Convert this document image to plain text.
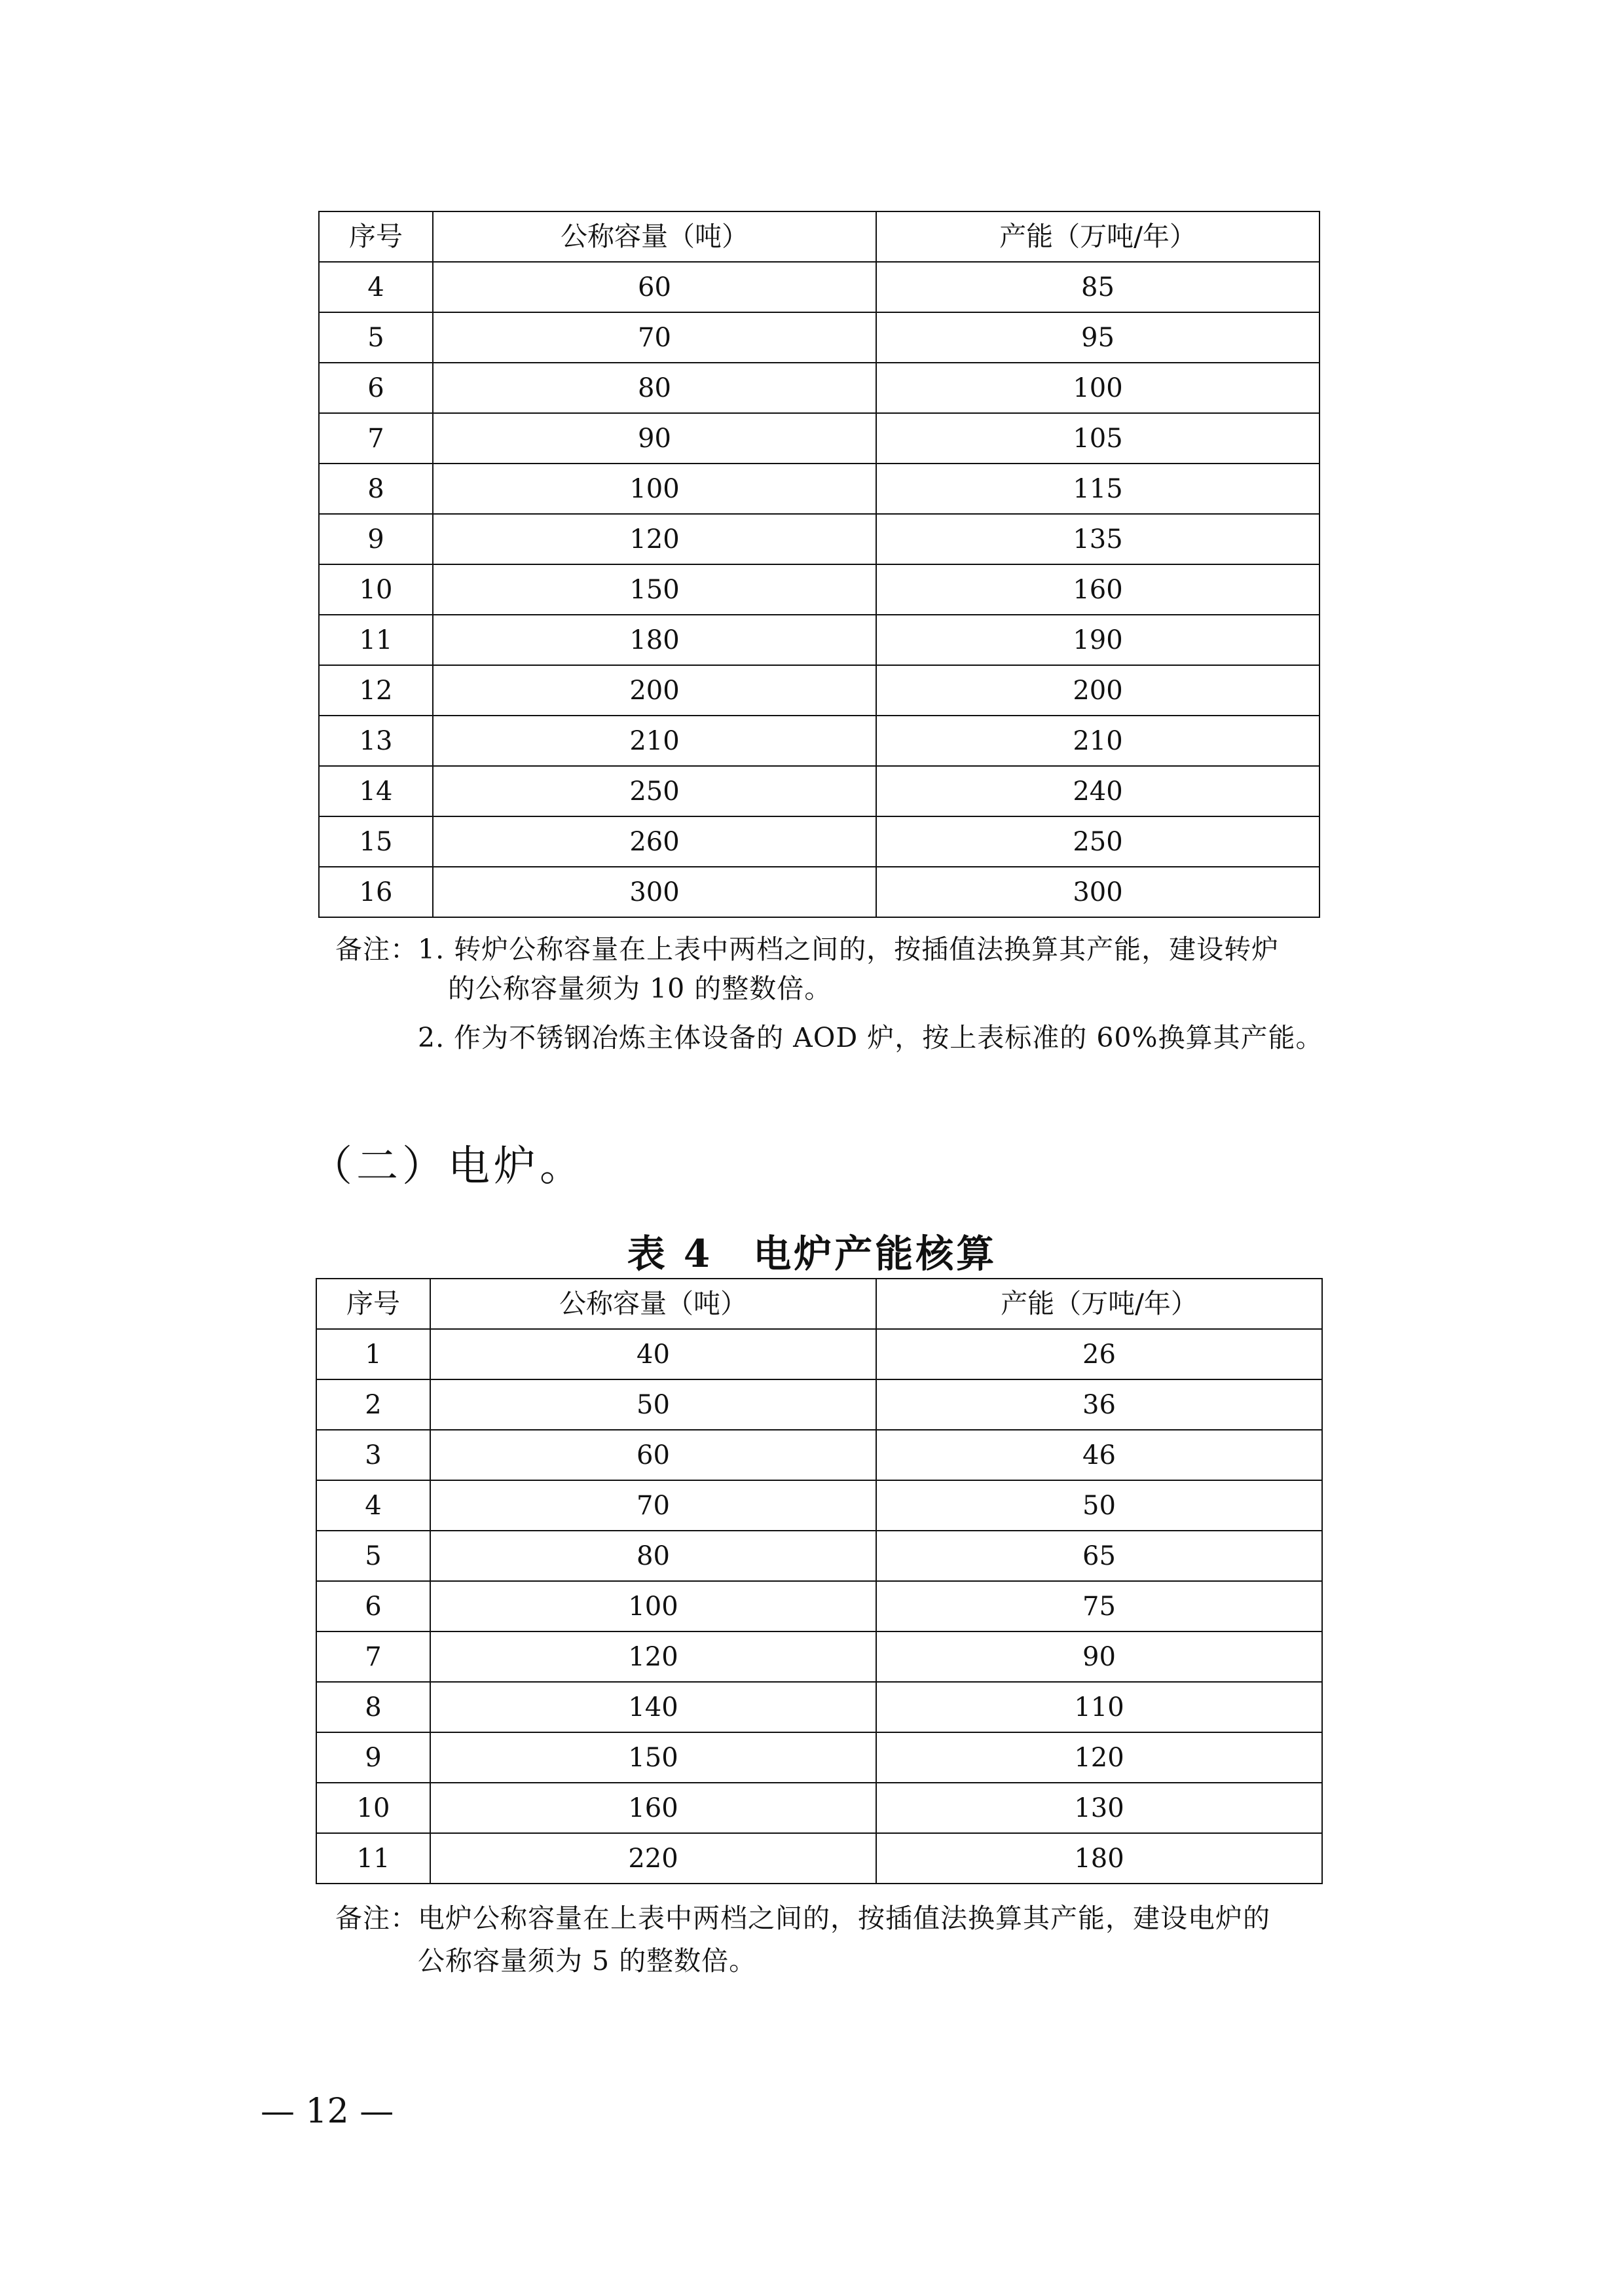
序号	公称容量（吨）	产能（万吨/年）
4	60	85
5	70	95
6	80	100
7	90	105
8	100	115
9	120	135
10	150	160
11	180	190
12	200	200
13	210	210
14	250	240
15	260	250
16	300	300
备注：1. 转炉公称容量在上表中两档之间的，按插值法换算其产能，建设转炉
的公称容量须为 10 的整数倍。
2. 作为不锈钢冶炼主体设备的 AOD 炉，按上表标准的 60%换算其产能。
（二）电炉。
表 4　电炉产能核算
序号	公称容量（吨）	产能（万吨/年）
1	40	26
2	50	36
3	60	46
4	70	50
5	80	65
6	100	75
7	120	90
8	140	110
9	150	120
10	160	130
11	220	180
备注：电炉公称容量在上表中两档之间的，按插值法换算其产能，建设电炉的
公称容量须为 5 的整数倍。
— 12 —
